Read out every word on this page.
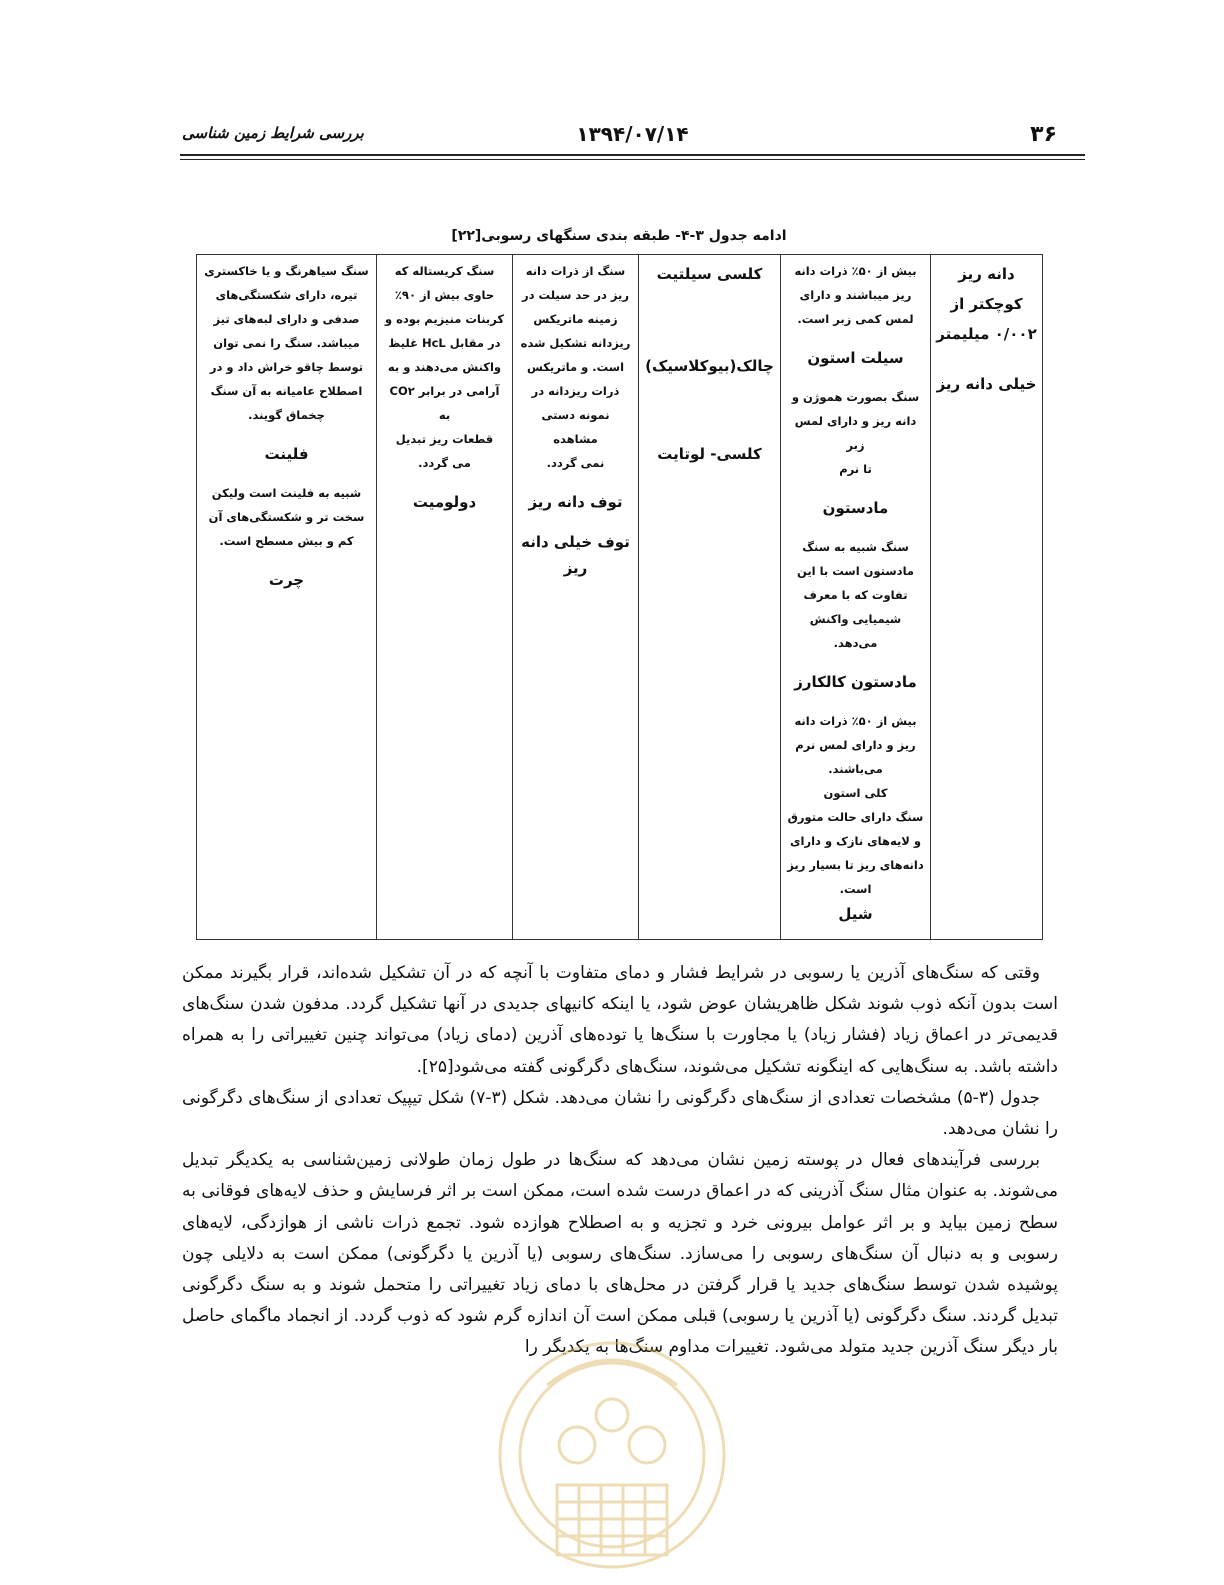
۳۶
۱۳۹۴/۰۷/۱۴
بررسی شرایط زمین شناسی
ادامه جدول ۳-۴- طبقه بندی سنگهای رسوبی[۲۲]
دانه ریز
کوچکتر از
۰/۰۰۲ میلیمتر
خیلی دانه ریز

بیش از ۵۰٪ ذرات دانه
ریز میباشند و دارای
لمس کمی زبر است.
سیلت استون
سنگ بصورت هموژن و
دانه ریز و دارای لمس زبر
تا نرم
مادستون
سنگ شبیه به سنگ
مادستون است با این
تفاوت که با معرف
شیمیایی واکنش می‌دهد.
مادستون کالکارز
بیش از ۵۰٪ ذرات دانه
ریز و دارای لمس نرم
می‌باشند.
کلی استون
سنگ دارای حالت متورق
و لایه‌های نازک و دارای
دانه‌های ریز تا بسیار ریز
است.
شیل

کلسی سیلتیت
چالک(بیوکلاسیک)
کلسی- لوتایت

سنگ از ذرات دانه
ریز در حد سیلت در
زمینه ماتریکس
ریزدانه تشکیل شده
است. و ماتریکس
ذرات ریزدانه در
نمونه دستی مشاهده
نمی گردد.
توف دانه ریز
توف خیلی دانه ریز

سنگ کریستاله که
حاوی بیش از ۹۰٪
کربنات منیزیم بوده و
در مقابل HcL غلیظ
واکنش می‌دهند و به
آرامی در برابر CO۲ به
قطعات ریز تبدیل
می گردد.
دولومیت

سنگ سیاهرنگ و یا خاکستری
تیره، دارای شکستگی‌های
صدفی و دارای لبه‌های تیز
میباشد. سنگ را نمی توان
توسط چاقو خراش داد و در
اصطلاح عامیانه به آن سنگ
چخماق گویند.
فلینت
شبیه به فلینت است ولیکن
سخت تر و شکستگی‌های آن
کم و بیش مسطح است.
چرت

وقتی که سنگ‌های آذرین یا رسوبی در شرایط فشار و دمای متفاوت با آنچه که در آن تشکیل شده‌اند، قرار بگیرند ممکن است بدون آنکه ذوب شوند شکل ظاهریشان عوض شود، یا اینکه کانیهای جدیدی در آنها تشکیل گردد. مدفون شدن سنگ‌های قدیمی‌تر در اعماق زیاد (فشار زیاد) یا مجاورت با سنگ‌ها یا توده‌های آذرین (دمای زیاد) می‌تواند چنین تغییراتی را به همراه داشته باشد. به سنگ‌هایی که اینگونه تشکیل می‌شوند، سنگ‌های دگرگونی گفته می‌شود[۲۵].

جدول (۳-۵) مشخصات تعدادی از سنگ‌های دگرگونی را نشان می‌دهد. شکل (۳-۷) شکل تیپیک تعدادی از سنگ‌های دگرگونی را نشان می‌دهد.

بررسی فرآیندهای فعال در پوسته زمین نشان می‌دهد که سنگ‌ها در طول زمان طولانی زمین‌شناسی به یکدیگر تبدیل می‌شوند. به عنوان مثال سنگ آذرینی که در اعماق درست شده است، ممکن است بر اثر فرسایش و حذف لایه‌های فوقانی به سطح زمین بیاید و بر اثر عوامل بیرونی خرد و تجزیه و به اصطلاح هوازده شود. تجمع ذرات ناشی از هوازدگی، لایه‌های رسوبی و به دنبال آن سنگ‌های رسوبی را می‌سازد. سنگ‌های رسوبی (یا آذرین یا دگرگونی) ممکن است به دلایلی چون پوشیده شدن توسط سنگ‌های جدید یا قرار گرفتن در محل‌های با دمای زیاد تغییراتی را متحمل شوند و به سنگ دگرگونی تبدیل گردند. سنگ دگرگونی (یا آذرین یا رسوبی) قبلی ممکن است آن اندازه گرم شود که ذوب گردد. از انجماد ماگمای حاصل بار دیگر سنگ آذرین جدید متولد می‌شود. تغییرات مداوم سنگ‌ها به یکدیگر را
